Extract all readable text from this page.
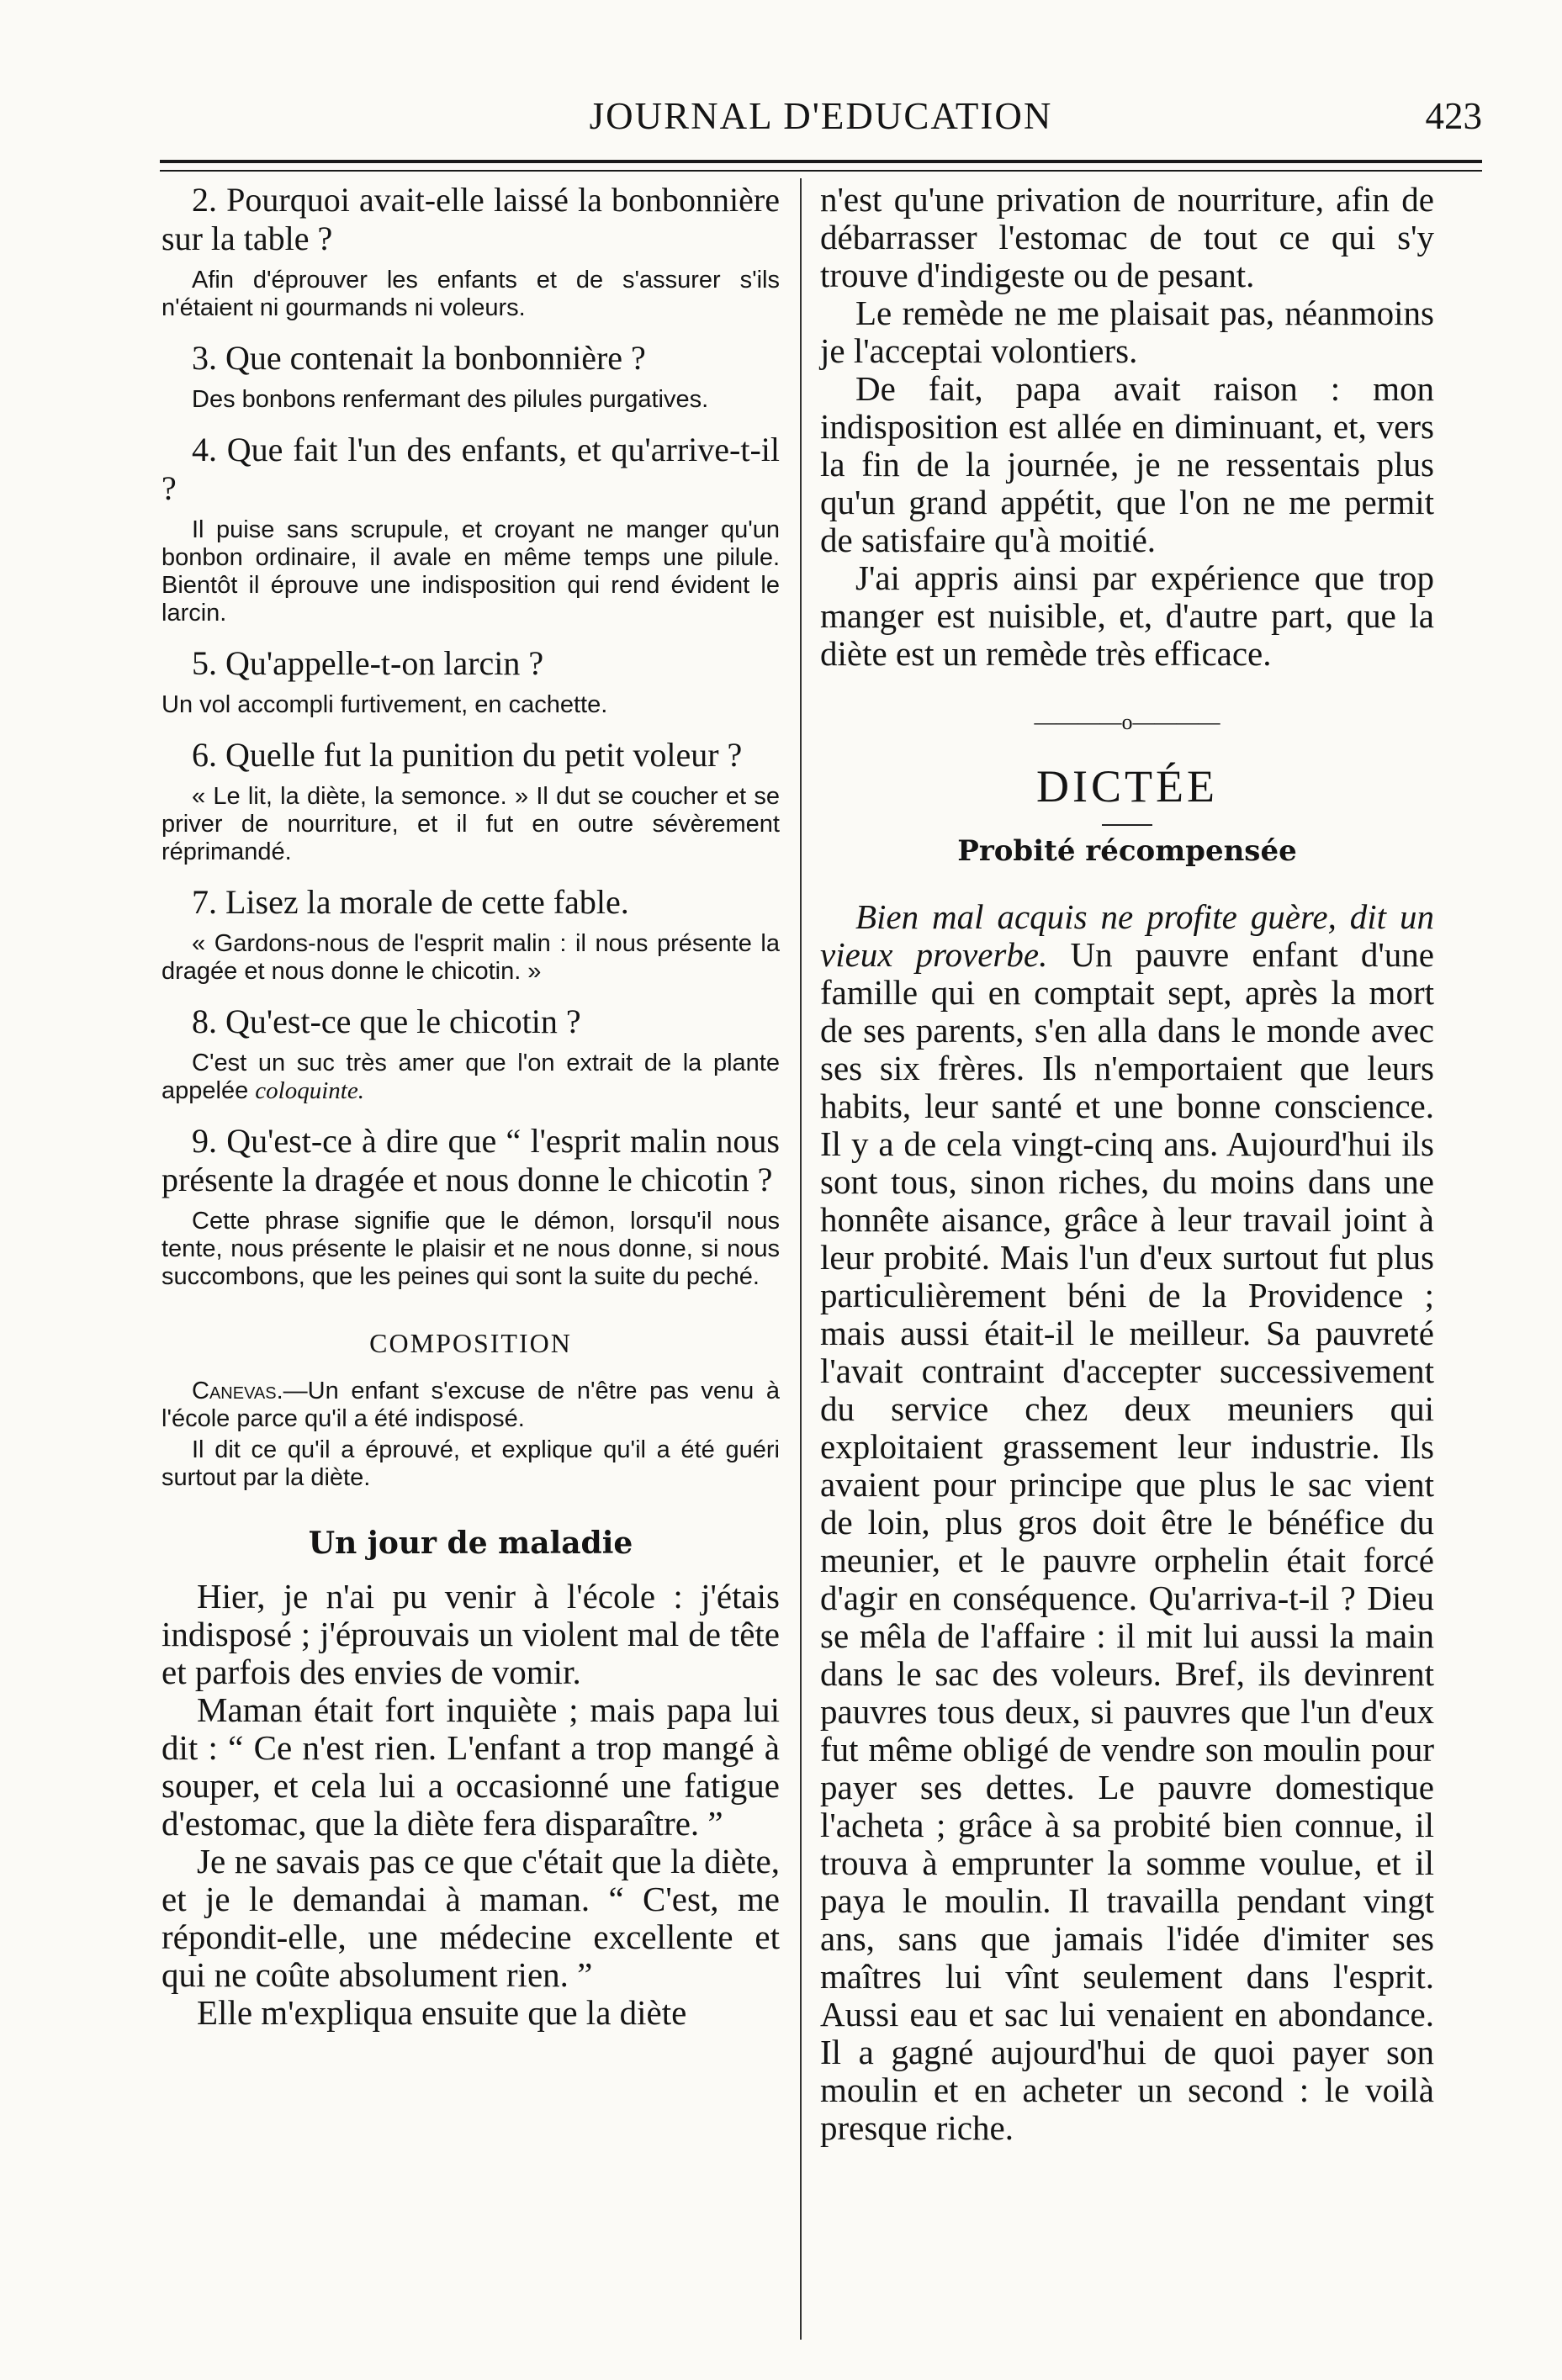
JOURNAL D'EDUCATION	423

2. Pourquoi avait-elle laissé la bonbonnière sur la table ?

Afin d'éprouver les enfants et de s'assurer s'ils n'étaient ni gourmands ni voleurs.

3. Que contenait la bonbonnière ?

Des bonbons renfermant des pilules purgatives.

4. Que fait l'un des enfants, et qu'arrive-t-il ?

Il puise sans scrupule, et croyant ne manger qu'un bonbon ordinaire, il avale en même temps une pilule. Bientôt il éprouve une indisposition qui rend évident le larcin.

5. Qu'appelle-t-on larcin ?

Un vol accompli furtivement, en cachette.

6. Quelle fut la punition du petit voleur ?

« Le lit, la diète, la semonce. » Il dut se coucher et se priver de nourriture, et il fut en outre sévèrement réprimandé.

7. Lisez la morale de cette fable.

« Gardons-nous de l'esprit malin : il nous présente la dragée et nous donne le chicotin. »

8. Qu'est-ce que le chicotin ?

C'est un suc très amer que l'on extrait de la plante appelée coloquinte.

9. Qu'est-ce à dire que “ l'esprit malin nous présente la dragée et nous donne le chicotin ?

Cette phrase signifie que le démon, lorsqu'il nous tente, nous présente le plaisir et ne nous donne, si nous succombons, que les peines qui sont la suite du peché.

COMPOSITION

Canevas.—Un enfant s'excuse de n'être pas venu à l'école parce qu'il a été indisposé.

Il dit ce qu'il a éprouvé, et explique qu'il a été guéri surtout par la diète.

Un jour de maladie

Hier, je n'ai pu venir à l'école : j'étais indisposé ; j'éprouvais un violent mal de tête et parfois des envies de vomir.

Maman était fort inquiète ; mais papa lui dit : “ Ce n'est rien. L'enfant a trop mangé à souper, et cela lui a occasionné une fatigue d'estomac, que la diète fera disparaître. ”

Je ne savais pas ce que c'était que la diète, et je le demandai à maman. “ C'est, me répondit-elle, une médecine excellente et qui ne coûte absolument rien. ”

Elle m'expliqua ensuite que la diète

n'est qu'une privation de nourriture, afin de débarrasser l'estomac de tout ce qui s'y trouve d'indigeste ou de pesant.

Le remède ne me plaisait pas, néanmoins je l'acceptai volontiers.

De fait, papa avait raison : mon indisposition est allée en diminuant, et, vers la fin de la journée, je ne ressentais plus qu'un grand appétit, que l'on ne me permit de satisfaire qu'à moitié.

J'ai appris ainsi par expérience que trop manger est nuisible, et, d'autre part, que la diète est un remède très efficace.

————o————
DICTÉE
Probité récompensée

Bien mal acquis ne profite guère, dit un vieux proverbe. Un pauvre enfant d'une famille qui en comptait sept, après la mort de ses parents, s'en alla dans le monde avec ses six frères. Ils n'emportaient que leurs habits, leur santé et une bonne conscience. Il y a de cela vingt-cinq ans. Aujourd'hui ils sont tous, sinon riches, du moins dans une honnête aisance, grâce à leur travail joint à leur probité. Mais l'un d'eux surtout fut plus particulièrement béni de la Providence ; mais aussi était-il le meilleur. Sa pauvreté l'avait contraint d'accepter successivement du service chez deux meuniers qui exploitaient grassement leur industrie. Ils avaient pour principe que plus le sac vient de loin, plus gros doit être le bénéfice du meunier, et le pauvre orphelin était forcé d'agir en conséquence. Qu'arriva-t-il ? Dieu se mêla de l'affaire : il mit lui aussi la main dans le sac des voleurs. Bref, ils devinrent pauvres tous deux, si pauvres que l'un d'eux fut même obligé de vendre son moulin pour payer ses dettes. Le pauvre domestique l'acheta ; grâce à sa probité bien connue, il trouva à emprunter la somme voulue, et il paya le moulin. Il travailla pendant vingt ans, sans que jamais l'idée d'imiter ses maîtres lui vînt seulement dans l'esprit. Aussi eau et sac lui venaient en abondance. Il a gagné aujourd'hui de quoi payer son moulin et en acheter un second : le voilà presque riche.
